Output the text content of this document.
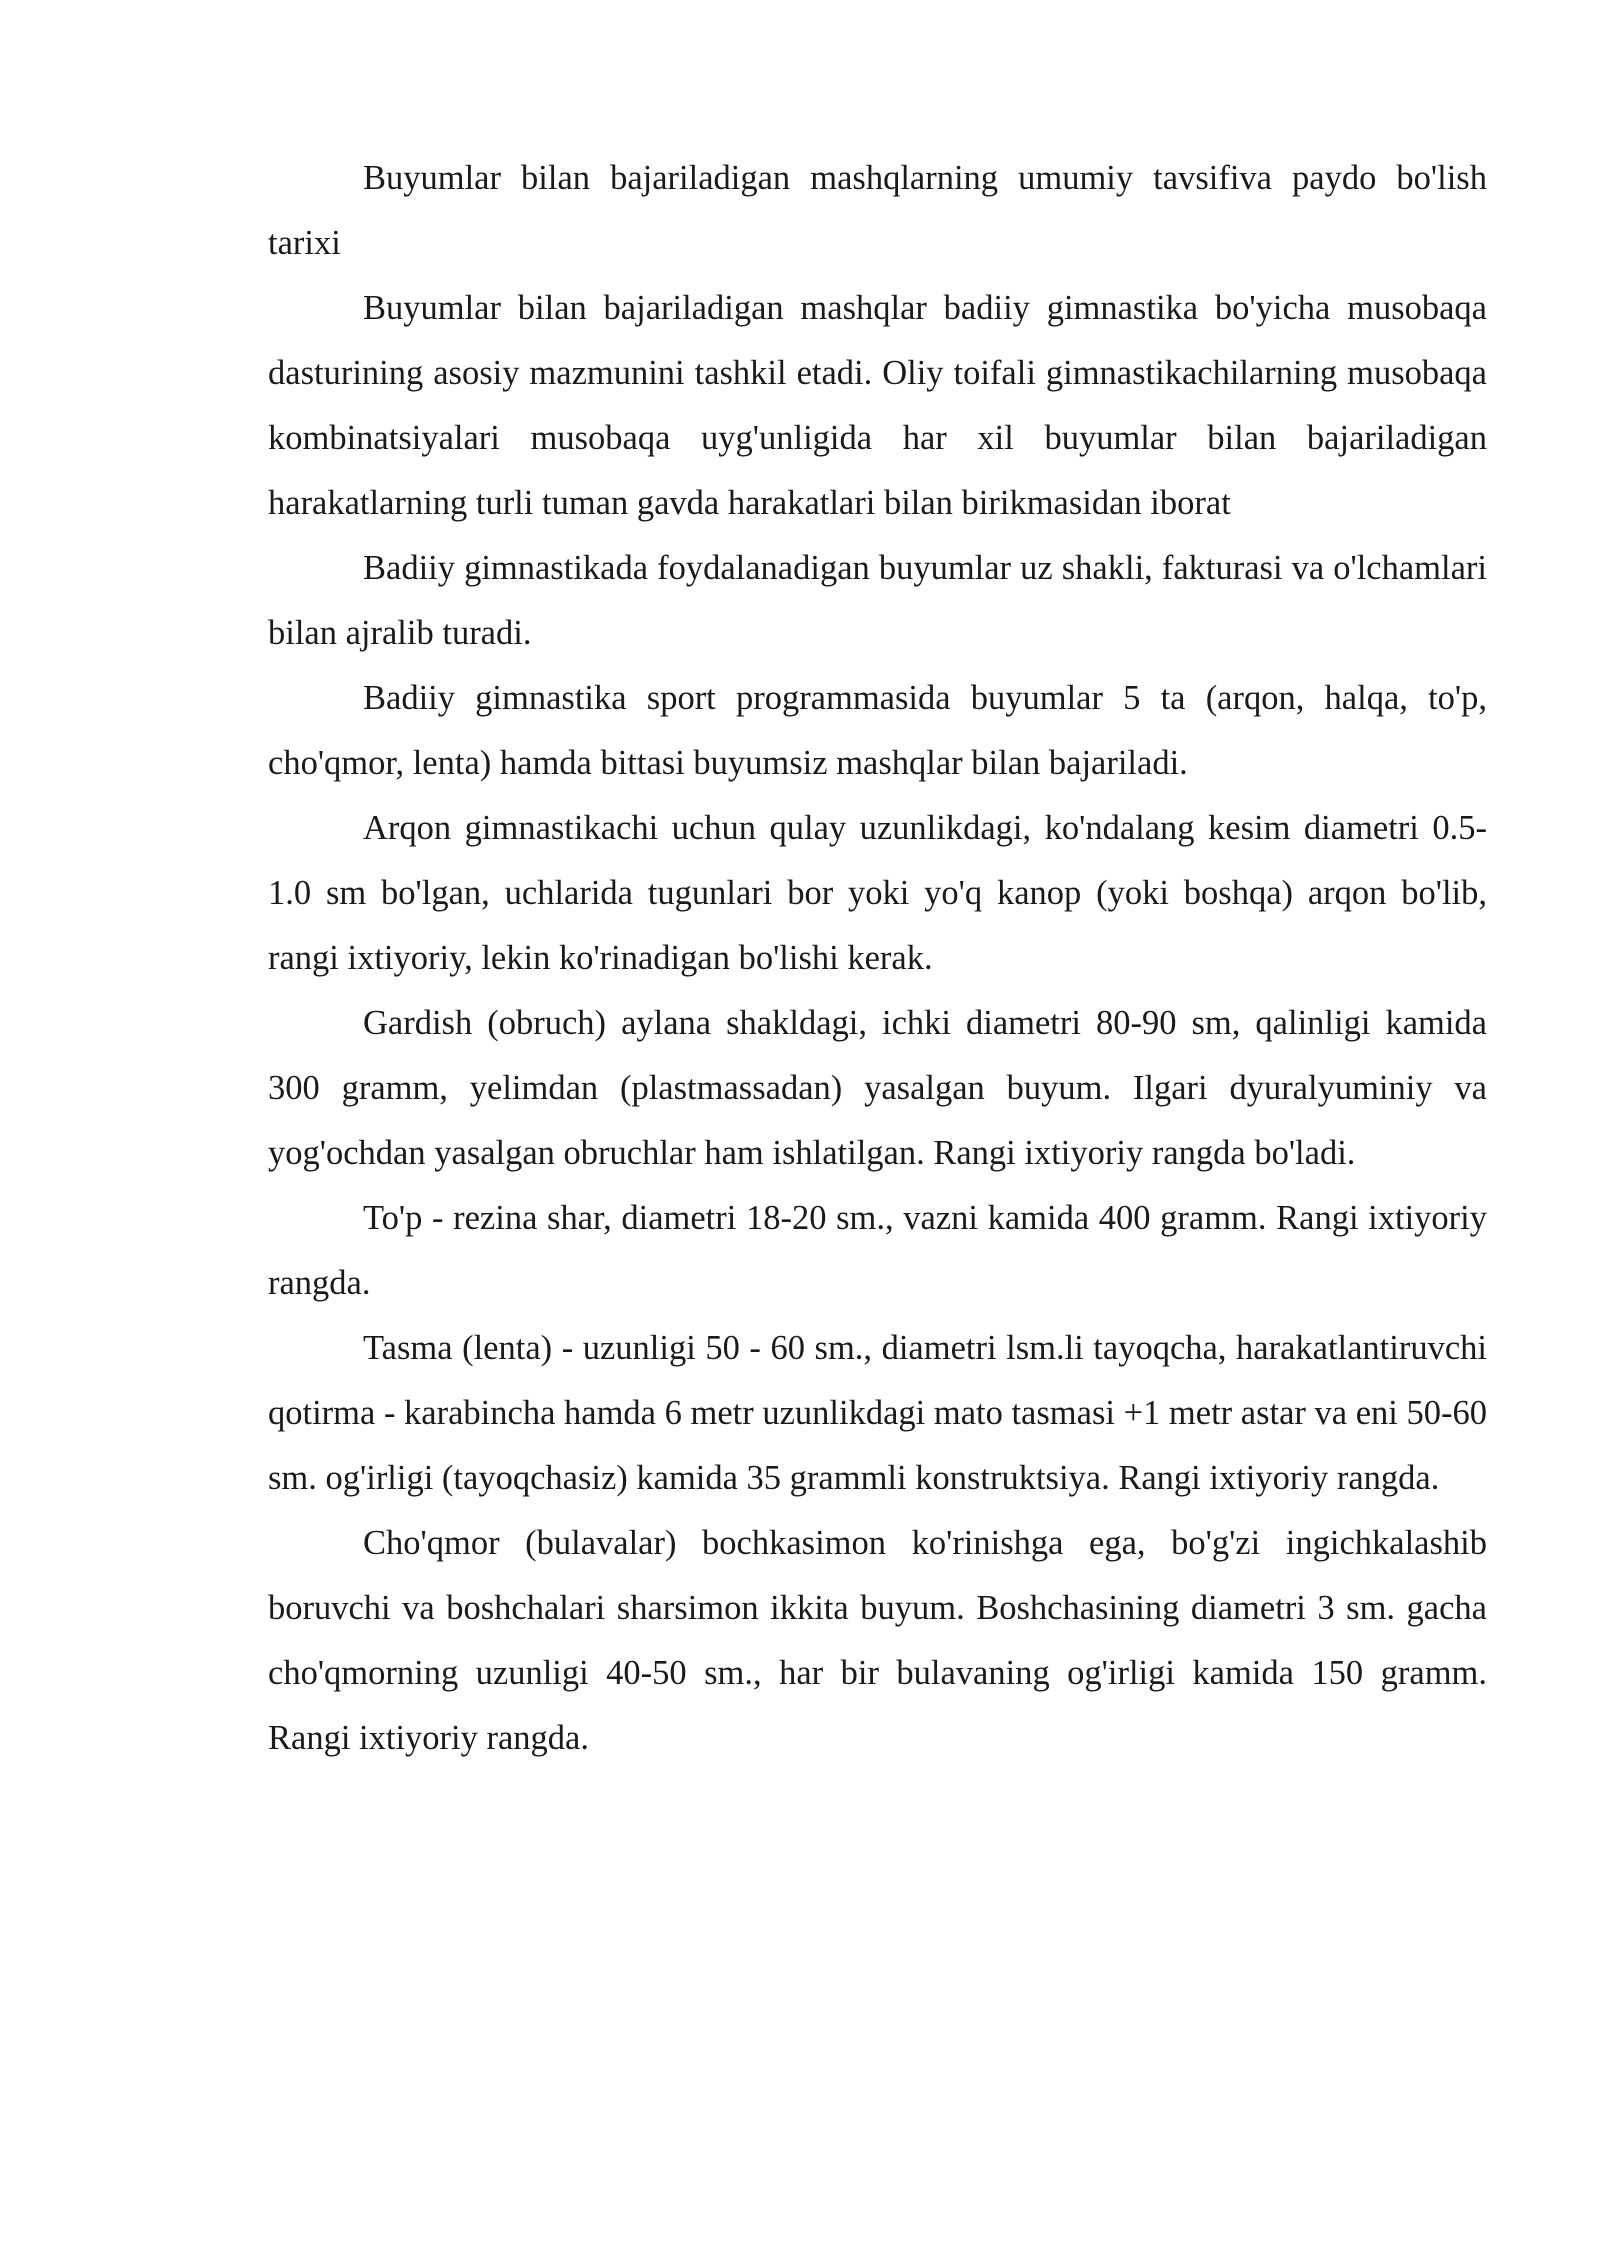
Buyumlar bilan bajariladigan mashqlarning umumiy tavsifiva paydo bo'lish tarixi

Buyumlar bilan bajariladigan mashqlar badiiy gimnastika bo'yicha musobaqa dasturining asosiy mazmunini tashkil etadi. Oliy toifali gimnastikachilarning musobaqa kombinatsiyalari musobaqa uyg'unligida har xil buyumlar bilan bajariladigan harakatlarning turli tuman gavda harakatlari bilan birikmasidan iborat

Badiiy gimnastikada foydalanadigan buyumlar uz shakli, fakturasi va o'lchamlari bilan ajralib turadi.

Badiiy gimnastika sport programmasida buyumlar 5 ta (arqon, halqa, to'p, cho'qmor, lenta) hamda bittasi buyumsiz mashqlar bilan bajariladi.

Arqon gimnastikachi uchun qulay uzunlikdagi, ko'ndalang kesim diametri 0.5-1.0 sm bo'lgan, uchlarida tugunlari bor yoki yo'q kanop (yoki boshqa) arqon bo'lib, rangi ixtiyoriy, lekin ko'rinadigan bo'lishi kerak.

Gardish (obruch) aylana shakldagi, ichki diametri 80-90 sm, qalinligi kamida 300 gramm, yelimdan (plastmassadan) yasalgan buyum. Ilgari dyuralyuminiy va yog'ochdan yasalgan obruchlar ham ishlatilgan. Rangi ixtiyoriy rangda bo'ladi.

To'p - rezina shar, diametri 18-20 sm., vazni kamida 400 gramm. Rangi ixtiyoriy rangda.

Tasma (lenta) - uzunligi 50 - 60 sm., diametri lsm.li tayoqcha, harakatlantiruvchi qotirma - karabincha hamda 6 metr uzunlikdagi mato tasmasi +1 metr astar va eni 50-60 sm. og'irligi (tayoqchasiz) kamida 35 grammli konstruktsiya. Rangi ixtiyoriy rangda.

Cho'qmor (bulavalar) bochkasimon ko'rinishga ega, bo'g'zi ingichkalashib boruvchi va boshchalari sharsimon ikkita buyum. Boshchasining diametri 3 sm. gacha cho'qmorning uzunligi 40-50 sm., har bir bulavaning og'irligi kamida 150 gramm. Rangi ixtiyoriy rangda.
